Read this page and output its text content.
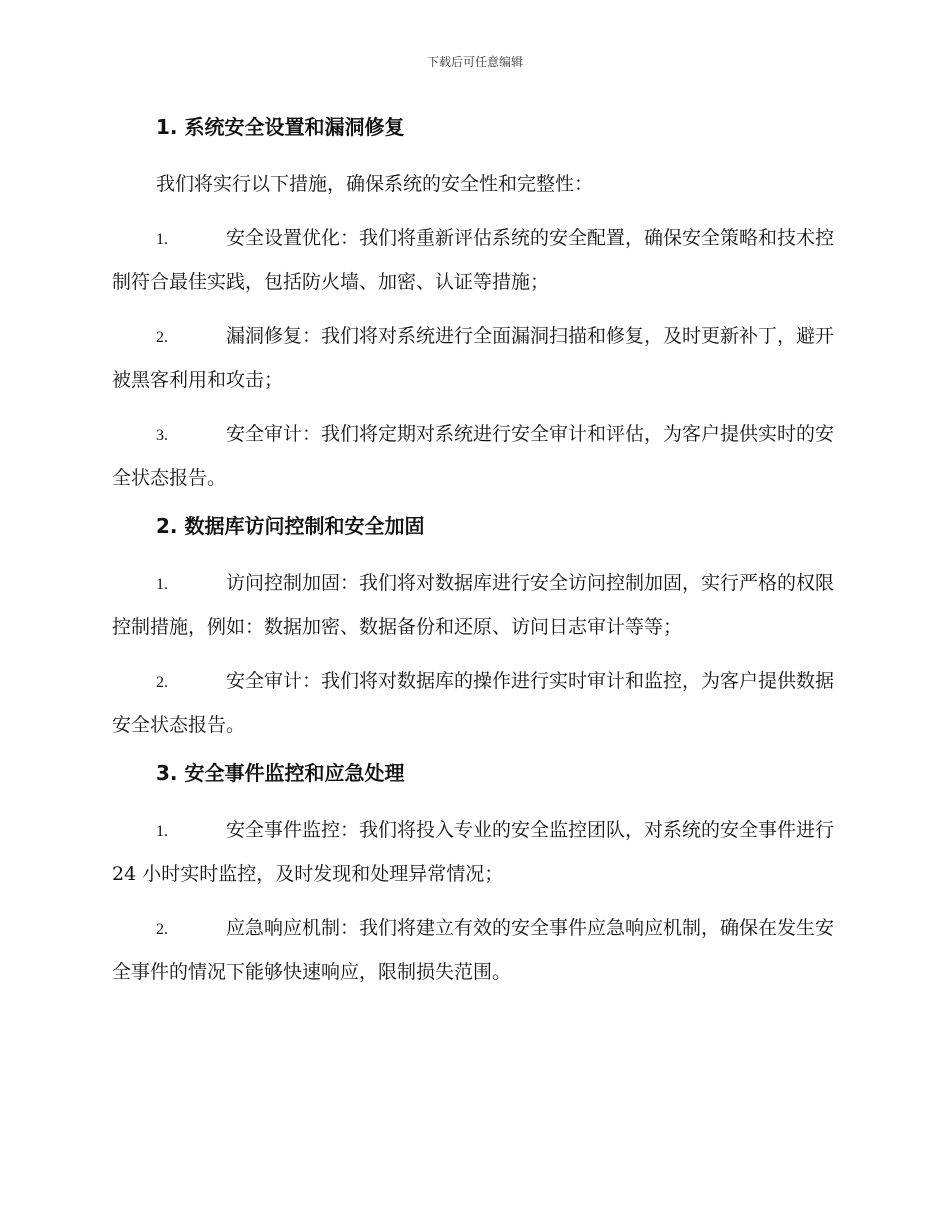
下载后可任意编辑
1. 系统安全设置和漏洞修复
我们将实行以下措施，确保系统的安全性和完整性：
1.	安全设置优化：我们将重新评估系统的安全配置，确保安全策略和技术控制符合最佳实践，包括防火墙、加密、认证等措施；
2.	漏洞修复：我们将对系统进行全面漏洞扫描和修复，及时更新补丁，避开被黑客利用和攻击；
3.	安全审计：我们将定期对系统进行安全审计和评估，为客户提供实时的安全状态报告。
2. 数据库访问控制和安全加固
1.	访问控制加固：我们将对数据库进行安全访问控制加固，实行严格的权限控制措施，例如：数据加密、数据备份和还原、访问日志审计等等；
2.	安全审计：我们将对数据库的操作进行实时审计和监控，为客户提供数据安全状态报告。
3. 安全事件监控和应急处理
1.	安全事件监控：我们将投入专业的安全监控团队，对系统的安全事件进行 24 小时实时监控，及时发现和处理异常情况；
2.	应急响应机制：我们将建立有效的安全事件应急响应机制，确保在发生安全事件的情况下能够快速响应，限制损失范围。
